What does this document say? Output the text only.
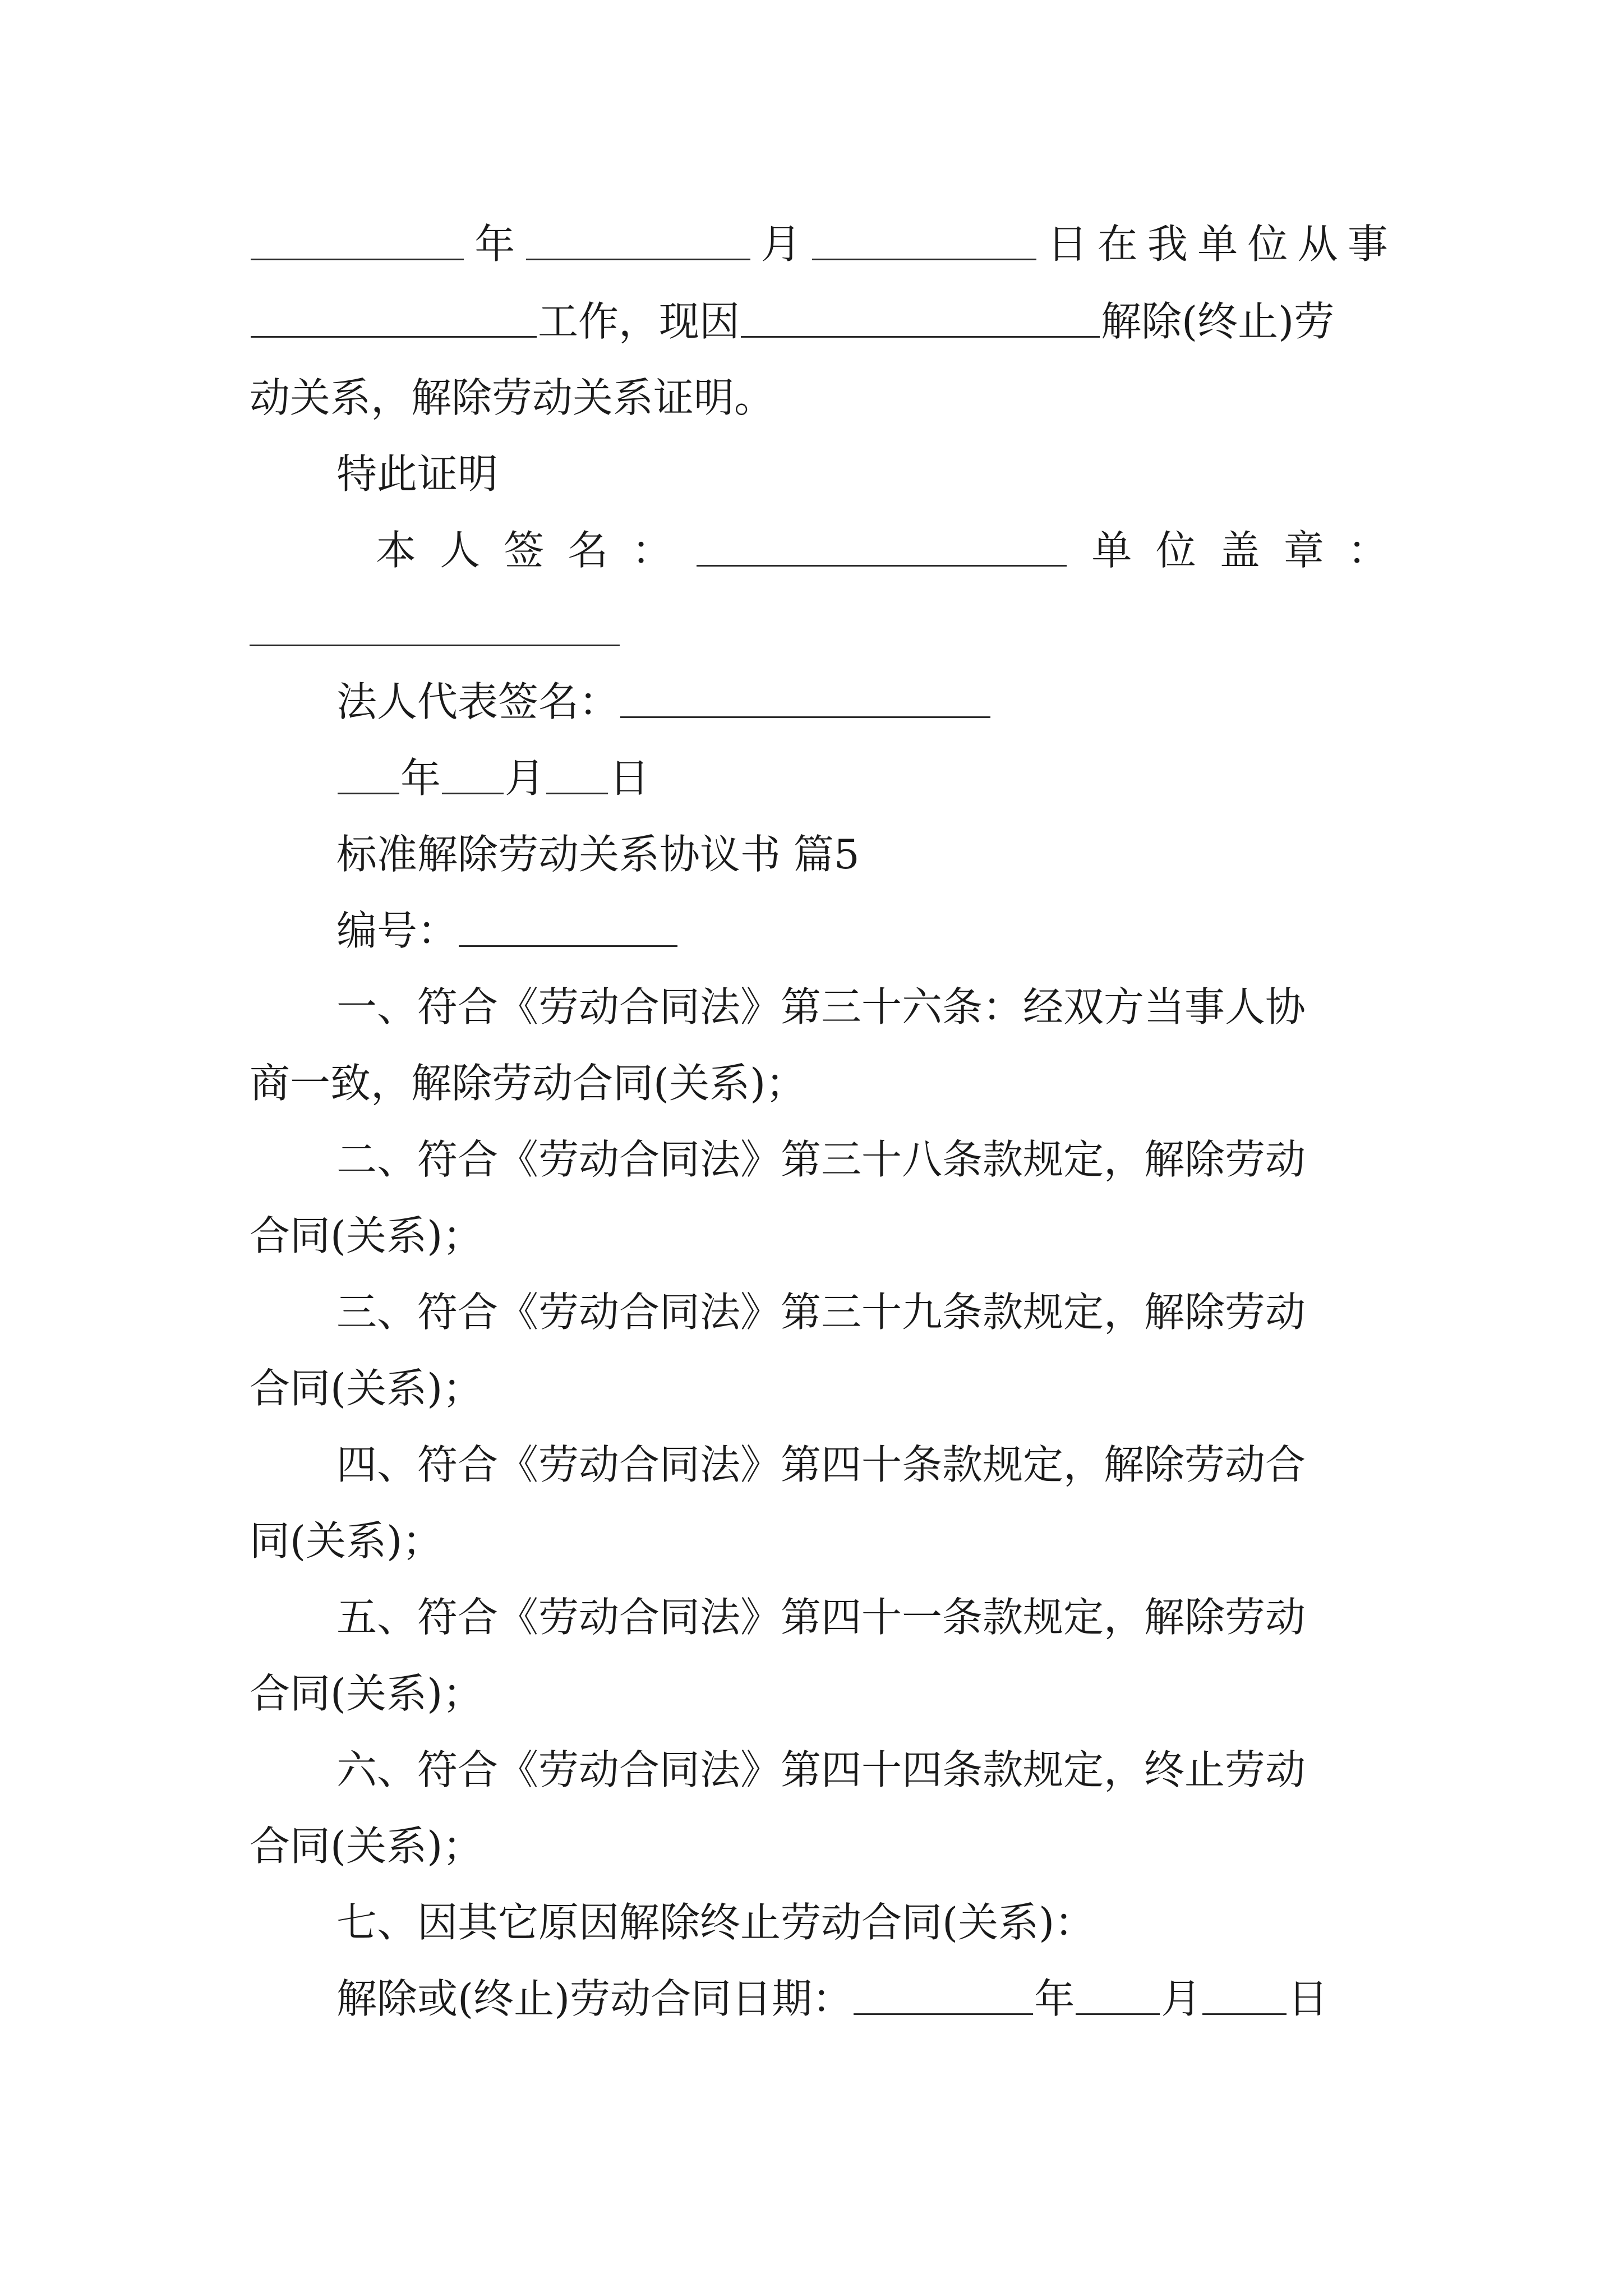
年	月	日 在 我 单 位 从 事
工作，现因	解除(终止)劳
动关系，解除劳动关系证明。
特此证明
本 人 签 名 ：	单 位 盖 章 ：
法人代表签名：
年 月 日
标准解除劳动关系协议书 篇5
编号：
一、符合《劳动合同法》第三十六条：经双方当事人协
商一致，解除劳动合同(关系)；
二、符合《劳动合同法》第三十八条款规定，解除劳动
合同(关系)；
三、符合《劳动合同法》第三十九条款规定，解除劳动
合同(关系)；
四、符合《劳动合同法》第四十条款规定，解除劳动合
同(关系)；
五、符合《劳动合同法》第四十一条款规定，解除劳动
合同(关系)；
六、符合《劳动合同法》第四十四条款规定，终止劳动
合同(关系)；
七、因其它原因解除终止劳动合同(关系)：
解除或(终止)劳动合同日期：	年 月 日
